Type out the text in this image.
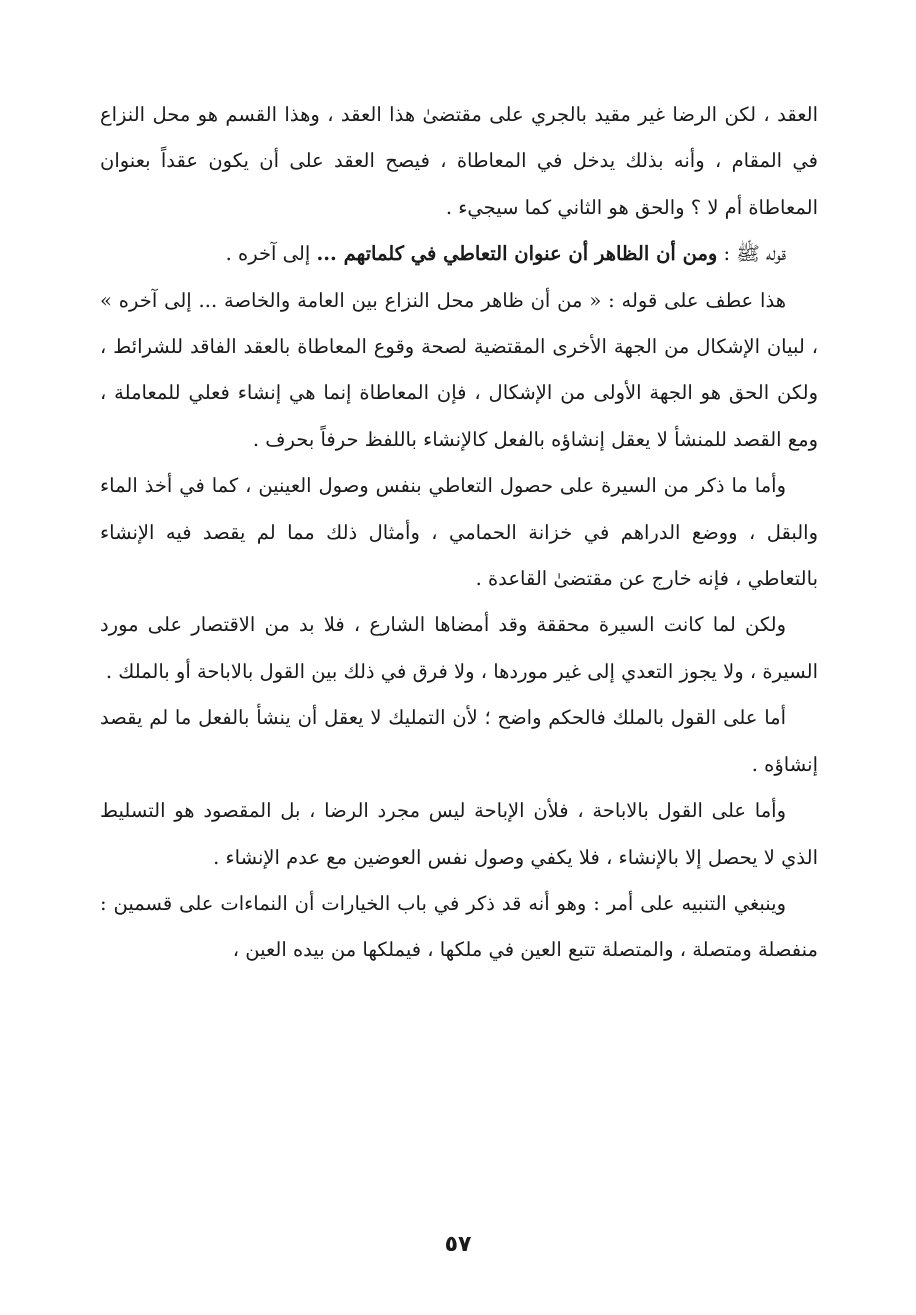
العقد ، لكن الرضا غير مقيد بالجري على مقتضىٰ هذا العقد ، وهذا القسم هو محل النزاع في المقام ، وأنه بذلك يدخل في المعاطاة ، فيصح العقد على أن يكون عقداً بعنوان المعاطاة أم لا ؟ والحق هو الثاني كما سيجيء .

قوله ﷺ : ومن أن الظاهر أن عنوان التعاطي في كلماتهم ... إلى آخره .

هذا عطف على قوله : « من أن ظاهر محل النزاع بين العامة والخاصة ... إلى آخره » ، لبيان الإشكال من الجهة الأخرى المقتضية لصحة وقوع المعاطاة بالعقد الفاقد للشرائط ، ولكن الحق هو الجهة الأولى من الإشكال ، فإن المعاطاة إنما هي إنشاء فعلي للمعاملة ، ومع القصد للمنشأ لا يعقل إنشاؤه بالفعل كالإنشاء باللفظ حرفاً بحرف .

وأما ما ذكر من السيرة على حصول التعاطي بنفس وصول العينين ، كما في أخذ الماء والبقل ، ووضع الدراهم في خزانة الحمامي ، وأمثال ذلك مما لم يقصد فيه الإنشاء بالتعاطي ، فإنه خارج عن مقتضىٰ القاعدة .

ولكن لما كانت السيرة محققة وقد أمضاها الشارع ، فلا بد من الاقتصار على مورد السيرة ، ولا يجوز التعدي إلى غير موردها ، ولا فرق في ذلك بين القول بالاباحة أو بالملك .

أما على القول بالملك فالحكم واضح ؛ لأن التمليك لا يعقل أن ينشأ بالفعل ما لم يقصد إنشاؤه .

وأما على القول بالاباحة ، فلأن الإباحة ليس مجرد الرضا ، بل المقصود هو التسليط الذي لا يحصل إلا بالإنشاء ، فلا يكفي وصول نفس العوضين مع عدم الإنشاء .

وينبغي التنبيه على أمر : وهو أنه قد ذكر في باب الخيارات أن النماءات على قسمين : منفصلة ومتصلة ، والمتصلة تتبع العين في ملكها ، فيملكها من بيده العين ،

٥٧
